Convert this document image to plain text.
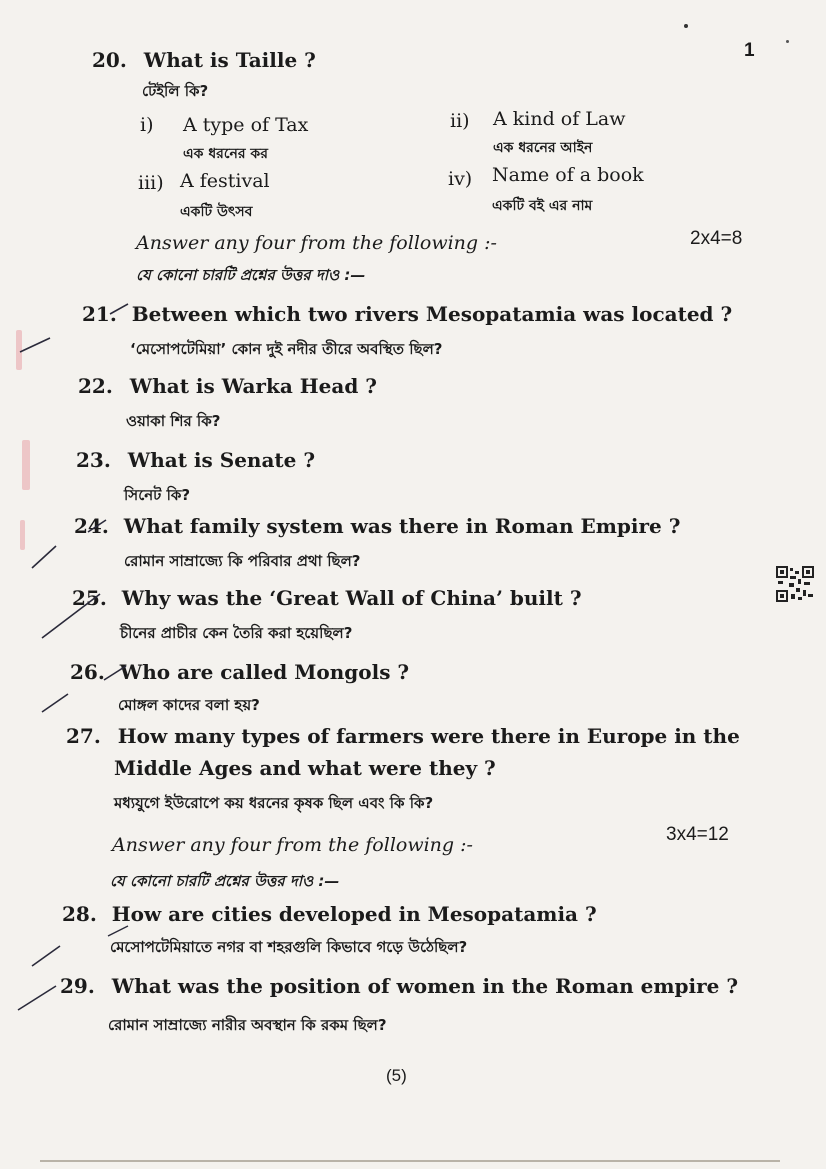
1
20. What is Taille ?
টেইলি কি?
i) A type of Tax
এক ধরনের কর
ii) A kind of Law
এক ধরনের আইন
iii) A festival
একটি উৎসব
iv) Name of a book
একটি বই এর নাম
Answer any four from the following :-	2x4=8
যে কোনো চারটি প্রশ্নের উত্তর দাও :—
21. Between which two rivers Mesopatamia was located ?
‘মেসোপটেমিয়া’ কোন দুই নদীর তীরে অবস্থিত ছিল?
22. What is Warka Head ?
ওয়াকা শির কি?
23. What is Senate ?
সিনেট কি?
24. What family system was there in Roman Empire ?
রোমান সাম্রাজ্যে কি পরিবার প্রথা ছিল?
25. Why was the ‘Great Wall of China’ built ?
চীনের প্রাচীর কেন তৈরি করা হয়েছিল?
26. Who are called Mongols ?
মোঙ্গল কাদের বলা হয়?
27. How many types of farmers were there in Europe in the
Middle Ages and what were they ?
মধ্যযুগে ইউরোপে কয় ধরনের কৃষক ছিল এবং কি কি?
Answer any four from the following :-	3x4=12
যে কোনো চারটি প্রশ্নের উত্তর দাও :—
28. How are cities developed in Mesopatamia ?
মেসোপটেমিয়াতে নগর বা শহরগুলি কিভাবে গড়ে উঠেছিল?
29. What was the position of women in the Roman empire ?
রোমান সাম্রাজ্যে নারীর অবস্থান কি রকম ছিল?
(5)
